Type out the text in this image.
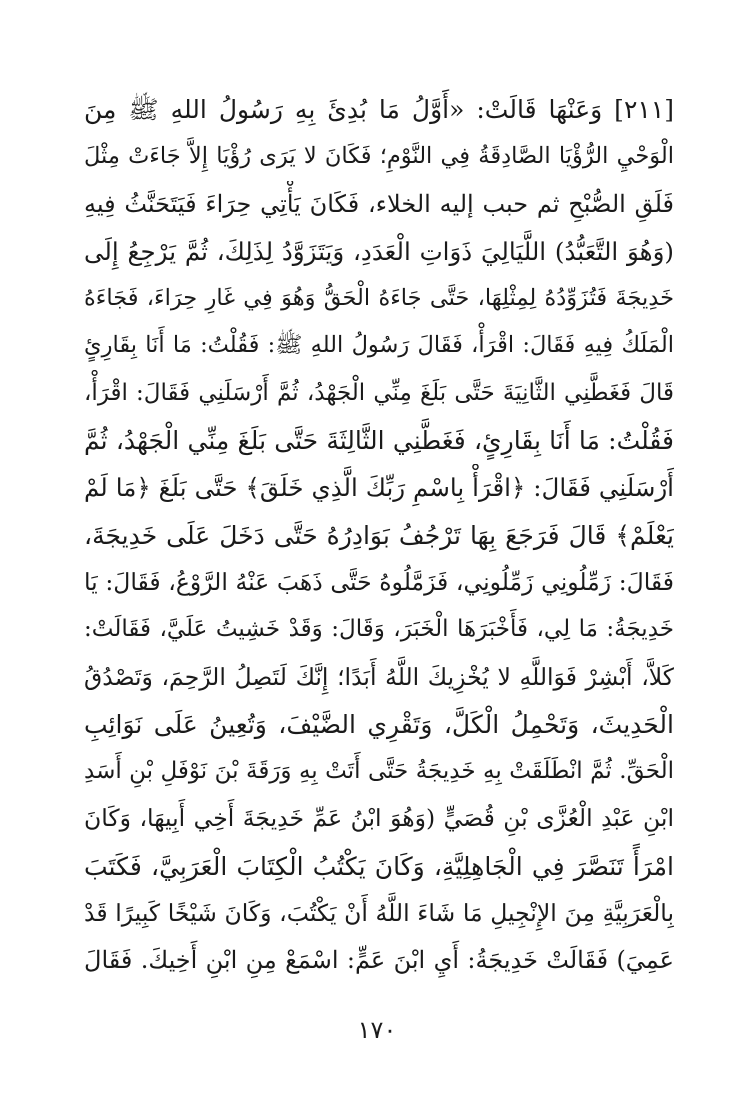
[٢١١] وَعَنْهَا قَالَتْ: «أَوَّلُ مَا بُدِئَ بِهِ رَسُولُ اللهِ ﷺ مِنَ
الْوَحْيِ الرُّؤْيَا الصَّادِقَةُ فِي النَّوْمِ؛ فَكَانَ لا يَرَى رُؤْيَا إِلاَّ جَاءَتْ مِثْلَ
فَلَقِ الصُّبْحِ ثم حبب إليه الخلاء، فَكَانَ يَأْتِي حِرَاءَ فَيَتَحَنَّثُ فِيهِ
(وَهُوَ التَّعَبُّدُ) اللَّيَالِيَ ذَوَاتِ الْعَدَدِ، وَيَتَزَوَّدُ لِذَلِكَ، ثُمَّ يَرْجِعُ إِلَى
خَدِيجَةَ فَتُزَوِّدُهُ لِمِثْلِهَا، حَتَّى جَاءَهُ الْحَقُّ وَهُوَ فِي غَارِ حِرَاءَ، فَجَاءَهُ
الْمَلَكُ فِيهِ فَقَالَ: اقْرَأْ، فَقَالَ رَسُولُ اللهِ ﷺ: فَقُلْتُ: مَا أَنَا بِقَارِئٍ
قَالَ فَغَطَّنِي الثَّانِيَةَ حَتَّى بَلَغَ مِنِّي الْجَهْدُ، ثُمَّ أَرْسَلَنِي فَقَالَ: اقْرَأْ،
فَقُلْتُ: مَا أَنَا بِقَارِئٍ، فَغَطَّنِي الثَّالِثَةَ حَتَّى بَلَغَ مِنِّي الْجَهْدُ، ثُمَّ
أَرْسَلَنِي فَقَالَ: ﴿اقْرَأْ بِاسْمِ رَبِّكَ الَّذِي خَلَقَ﴾ حَتَّى بَلَغَ ﴿مَا لَمْ
يَعْلَمْ﴾ قَالَ فَرَجَعَ بِهَا تَرْجُفُ بَوَادِرُهُ حَتَّى دَخَلَ عَلَى خَدِيجَةَ،
فَقَالَ: زَمِّلُونِي زَمِّلُونِي، فَزَمَّلُوهُ حَتَّى ذَهَبَ عَنْهُ الرَّوْعُ، فَقَالَ: يَا
خَدِيجَةُ: مَا لِي، فَأَخْبَرَهَا الْخَبَرَ، وَقَالَ: وَقَدْ خَشِيتُ عَلَيَّ، فَقَالَتْ:
كَلاَّ، أَبْشِرْ فَوَاللَّهِ لا يُخْزِيكَ اللَّهُ أَبَدًا؛ إِنَّكَ لَتَصِلُ الرَّحِمَ، وَتَصْدُقُ
الْحَدِيثَ، وَتَحْمِلُ الْكَلَّ، وَتَقْرِي الضَّيْفَ، وَتُعِينُ عَلَى نَوَائِبِ
الْحَقِّ. ثُمَّ انْطَلَقَتْ بِهِ خَدِيجَةُ حَتَّى أَتَتْ بِهِ وَرَقَةَ بْنَ نَوْفَلِ بْنِ أَسَدِ
ابْنِ عَبْدِ الْعُزَّى بْنِ قُصَيٍّ (وَهُوَ ابْنُ عَمِّ خَدِيجَةَ أَخِي أَبِيهَا، وَكَانَ
امْرَأً تَنَصَّرَ فِي الْجَاهِلِيَّةِ، وَكَانَ يَكْتُبُ الْكِتَابَ الْعَرَبِيَّ، فَكَتَبَ
بِالْعَرَبِيَّةِ مِنَ الإِنْجِيلِ مَا شَاءَ اللَّهُ أَنْ يَكْتُبَ، وَكَانَ شَيْخًا كَبِيرًا قَدْ
عَمِيَ) فَقَالَتْ خَدِيجَةُ: أَيِ ابْنَ عَمٍّ: اسْمَعْ مِنِ ابْنِ أَخِيكَ. فَقَالَ
١٧٠
